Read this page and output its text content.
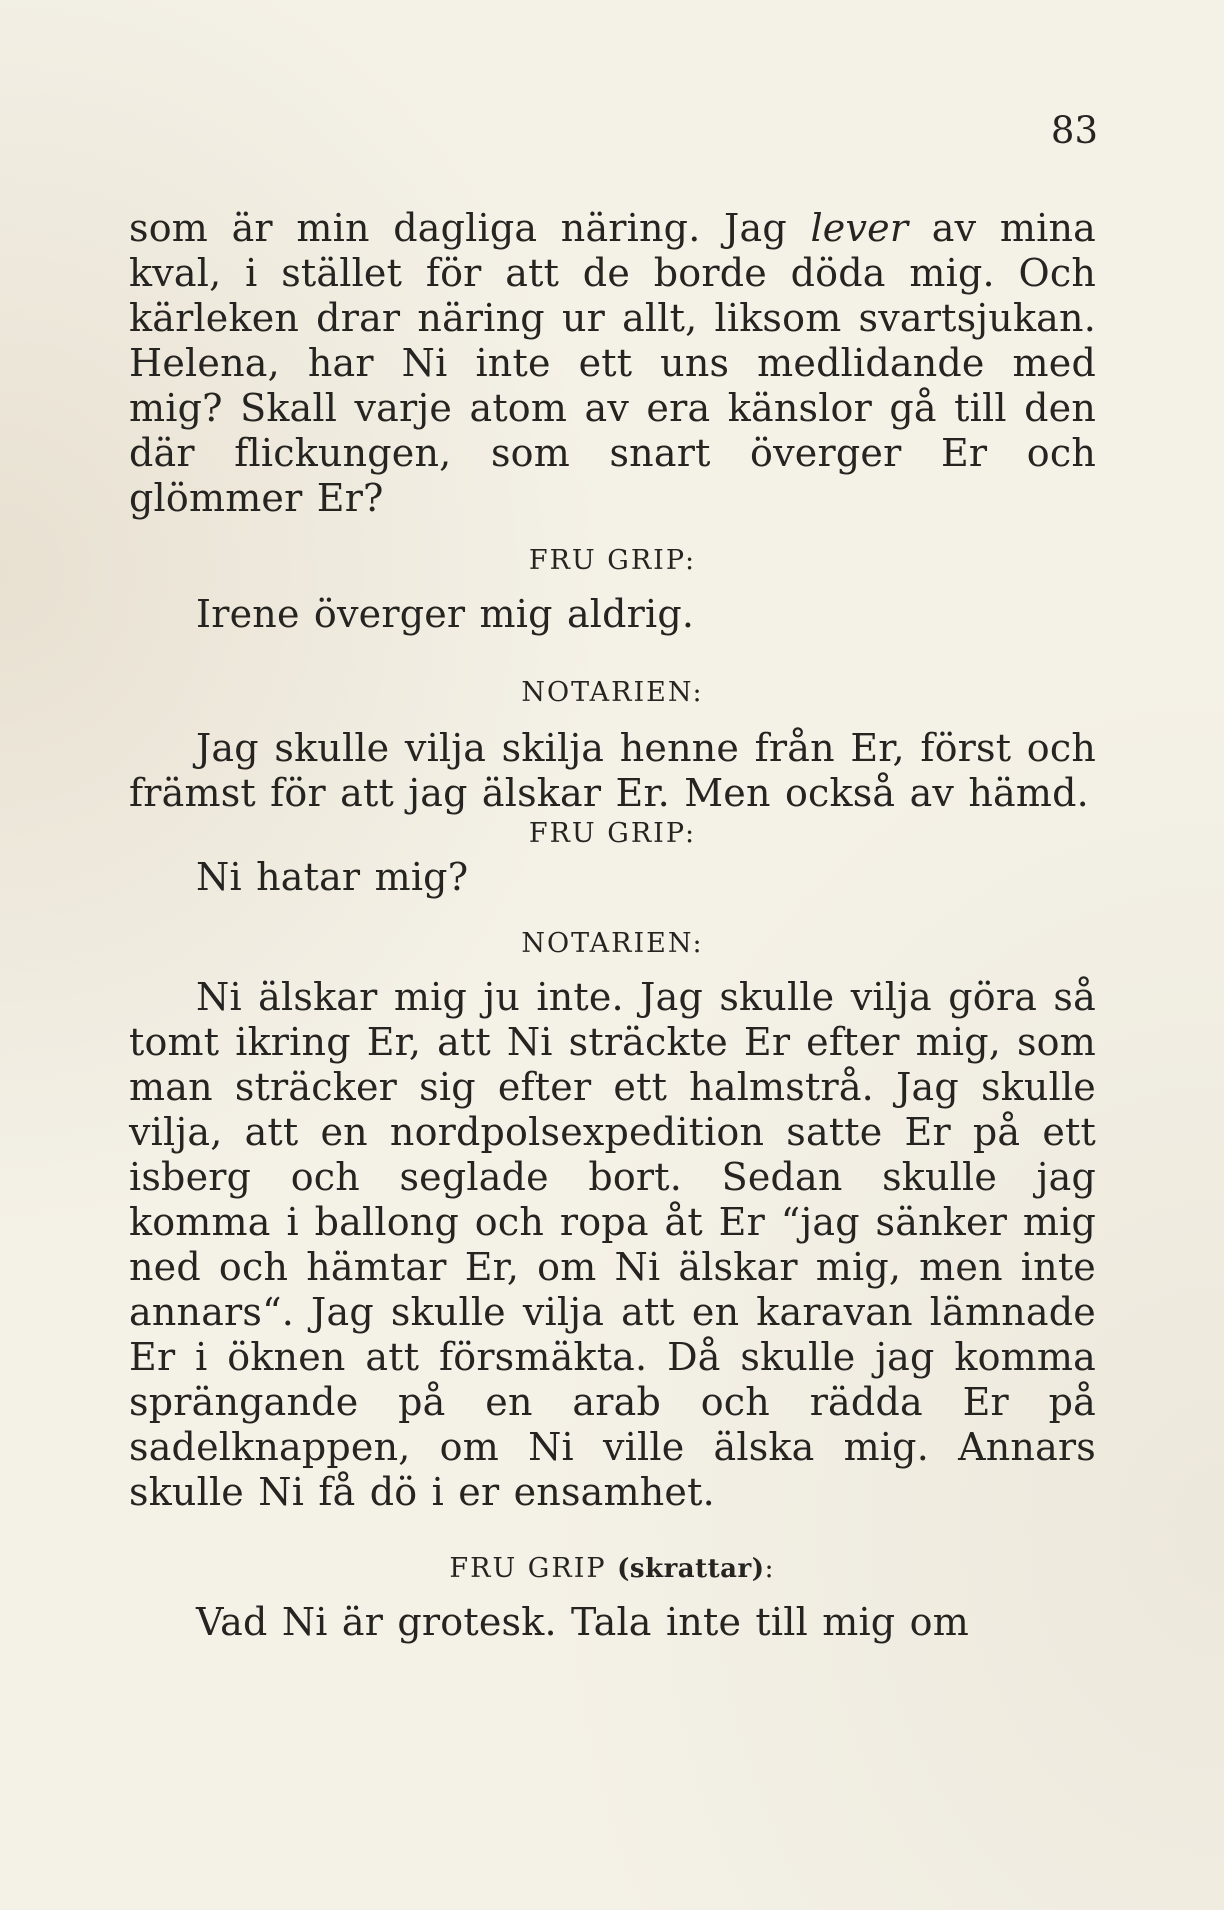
83

som är min dagliga näring. Jag lever av mina kval, i stället för att de borde döda mig. Och kärleken drar näring ur allt, liksom svartsjukan. Helena, har Ni inte ett uns medlidande med mig? Skall varje atom av era känslor gå till den där flickungen, som snart överger Er och glömmer Er?

FRU GRIP:

Irene överger mig aldrig.

NOTARIEN:

Jag skulle vilja skilja henne från Er, först och främst för att jag älskar Er. Men också av hämd.

FRU GRIP:

Ni hatar mig?

NOTARIEN:

Ni älskar mig ju inte. Jag skulle vilja göra så tomt ikring Er, att Ni sträckte Er efter mig, som man sträcker sig efter ett halmstrå. Jag skulle vilja, att en nordpolsexpedition satte Er på ett isberg och seglade bort. Sedan skulle jag komma i ballong och ropa åt Er “jag sänker mig ned och hämtar Er, om Ni älskar mig, men inte annars“. Jag skulle vilja att en karavan lämnade Er i öknen att försmäkta. Då skulle jag komma sprängande på en arab och rädda Er på sadelknappen, om Ni ville älska mig. Annars skulle Ni få dö i er ensamhet.

FRU GRIP (skrattar):

Vad Ni är grotesk. Tala inte till mig om
